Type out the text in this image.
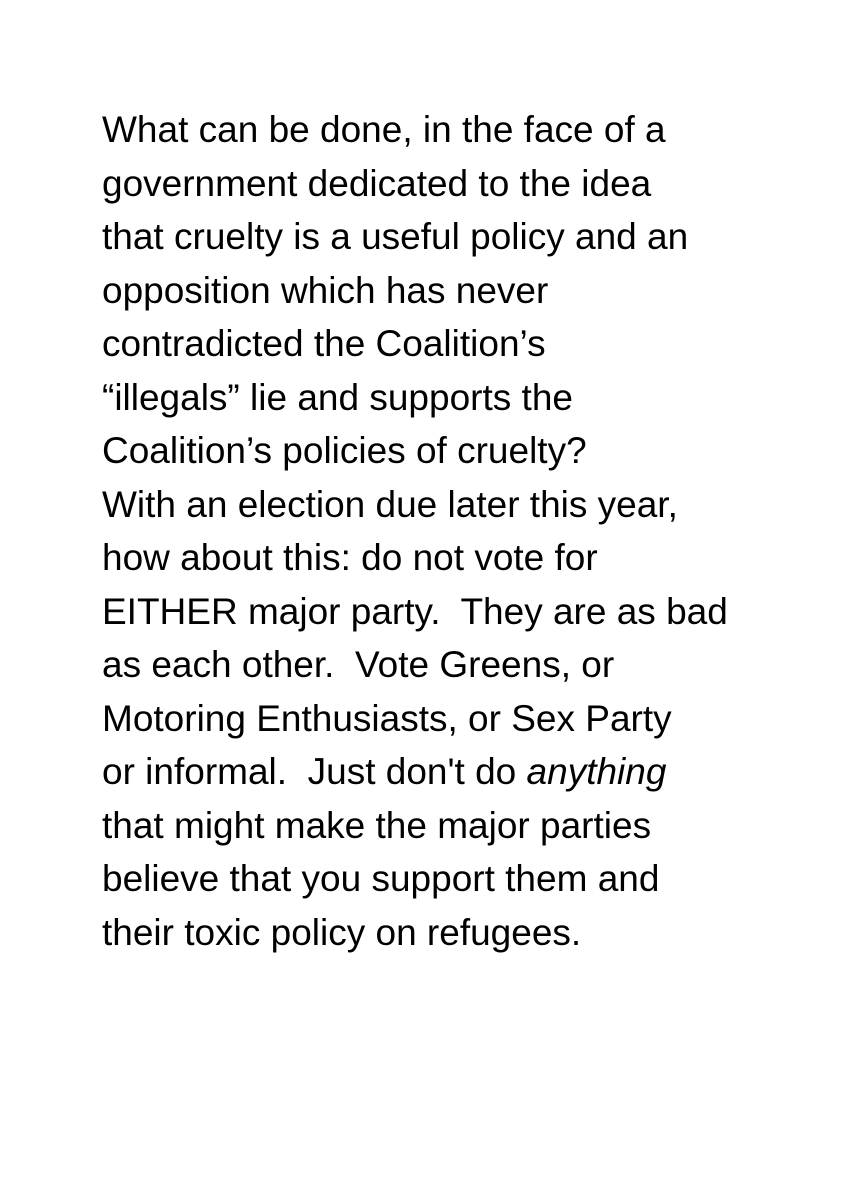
What can be done, in the face of a
government dedicated to the idea
that cruelty is a useful policy and an
opposition which has never
contradicted the Coalition’s
“illegals” lie and supports the
Coalition’s policies of cruelty?
With an election due later this year,
how about this: do not vote for
EITHER major party.  They are as bad
as each other.  Vote Greens, or
Motoring Enthusiasts, or Sex Party
or informal.  Just don't do anything
that might make the major parties
believe that you support them and
their toxic policy on refugees.
